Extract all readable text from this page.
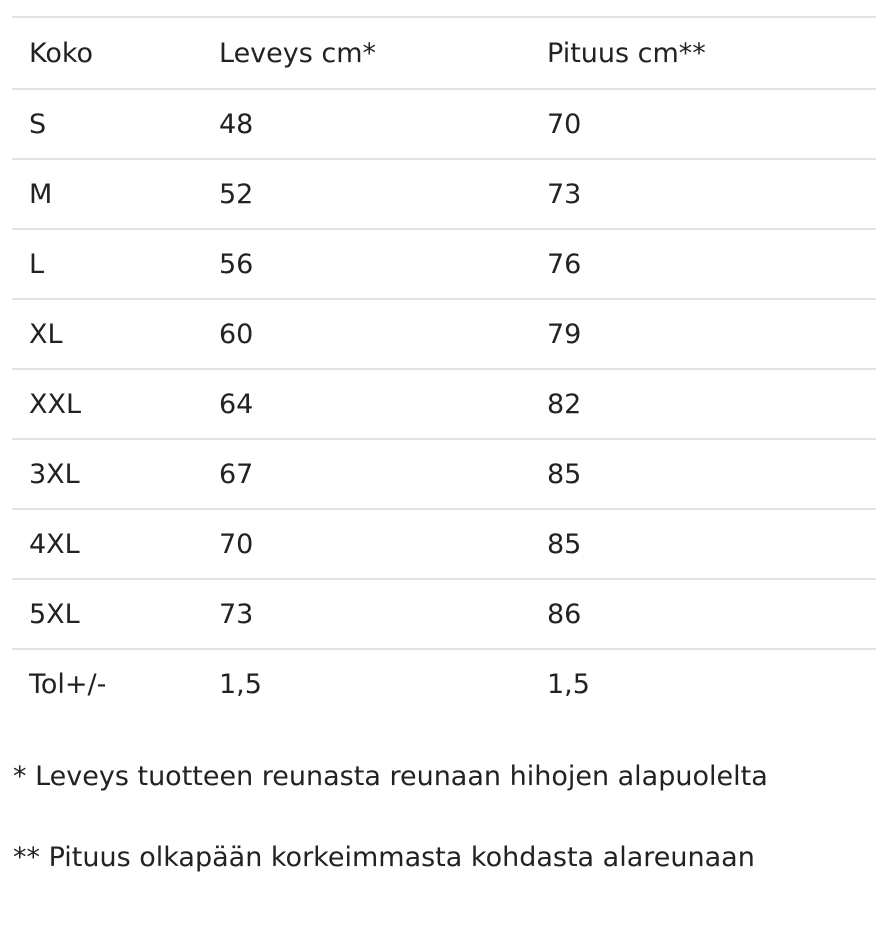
Koko	Leveys cm*	Pituus cm**
S	48	70
M	52	73
L	56	76
XL	60	79
XXL	64	82
3XL	67	85
4XL	70	85
5XL	73	86
Tol+/-	1,5	1,5
* Leveys tuotteen reunasta reunaan hihojen alapuolelta
** Pituus olkapään korkeimmasta kohdasta alareunaan
